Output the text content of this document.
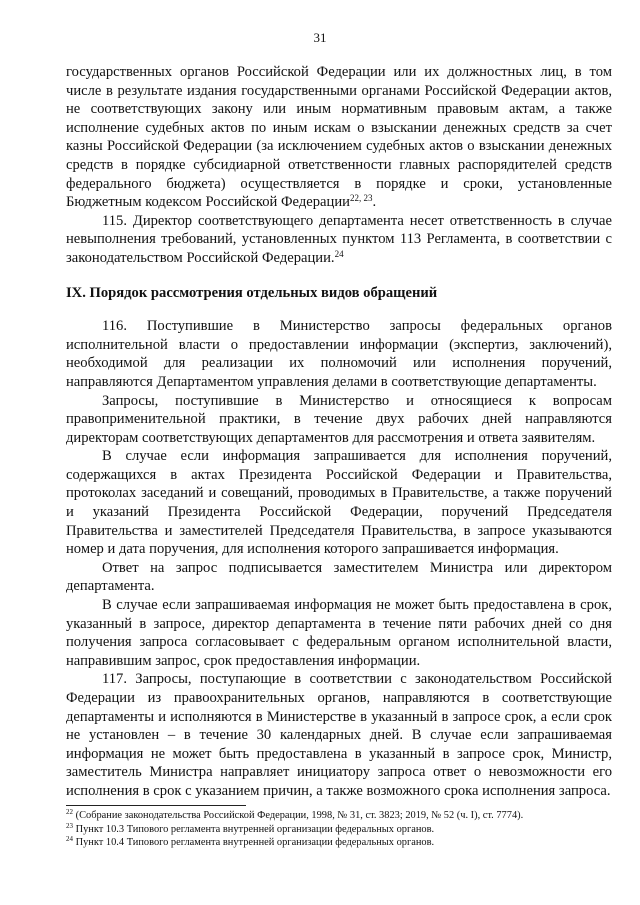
31

государственных органов Российской Федерации или их должностных лиц, в том числе в результате издания государственными органами Российской Федерации актов, не соответствующих закону или иным нормативным правовым актам, а также исполнение судебных актов по иным искам о взыскании денежных средств за счет казны Российской Федерации (за исключением судебных актов о взыскании денежных средств в порядке субсидиарной ответственности главных распорядителей средств федерального бюджета) осуществляется в порядке и сроки, установленные Бюджетным кодексом Российской Федерации$^{22, 23}$.

115. Директор соответствующего департамента несет ответственность в случае невыполнения требований, установленных пунктом 113 Регламента, в соответствии с законодательством Российской Федерации.$^{24}$

IX. Порядок рассмотрения отдельных видов обращений

116. Поступившие в Министерство запросы федеральных органов исполнительной власти о предоставлении информации (экспертиз, заключений), необходимой для реализации их полномочий или исполнения поручений, направляются Департаментом управления делами в соответствующие департаменты.

Запросы, поступившие в Министерство и относящиеся к вопросам правоприменительной практики, в течение двух рабочих дней направляются директорам соответствующих департаментов для рассмотрения и ответа заявителям.

В случае если информация запрашивается для исполнения поручений, содержащихся в актах Президента Российской Федерации и Правительства, протоколах заседаний и совещаний, проводимых в Правительстве, а также поручений и указаний Президента Российской Федерации, поручений Председателя Правительства и заместителей Председателя Правительства, в запросе указываются номер и дата поручения, для исполнения которого запрашивается информация.

Ответ на запрос подписывается заместителем Министра или директором департамента.

В случае если запрашиваемая информация не может быть предоставлена в срок, указанный в запросе, директор департамента в течение пяти рабочих дней со дня получения запроса согласовывает с федеральным органом исполнительной власти, направившим запрос, срок предоставления информации.

117. Запросы, поступающие в соответствии с законодательством Российской Федерации из правоохранительных органов, направляются в соответствующие департаменты и исполняются в Министерстве в указанный в запросе срок, а если срок не установлен – в течение 30 календарных дней. В случае если запрашиваемая информация не может быть предоставлена в указанный в запросе срок, Министр, заместитель Министра направляет инициатору запроса ответ о невозможности его исполнения в срок с указанием причин, а также возможного срока исполнения запроса.

$^{22}$ (Собрание законодательства Российской Федерации, 1998, № 31, ст. 3823; 2019, № 52 (ч. I), ст. 7774).
$^{23}$ Пункт 10.3 Типового регламента внутренней организации федеральных органов.
$^{24}$ Пункт 10.4 Типового регламента внутренней организации федеральных органов.
